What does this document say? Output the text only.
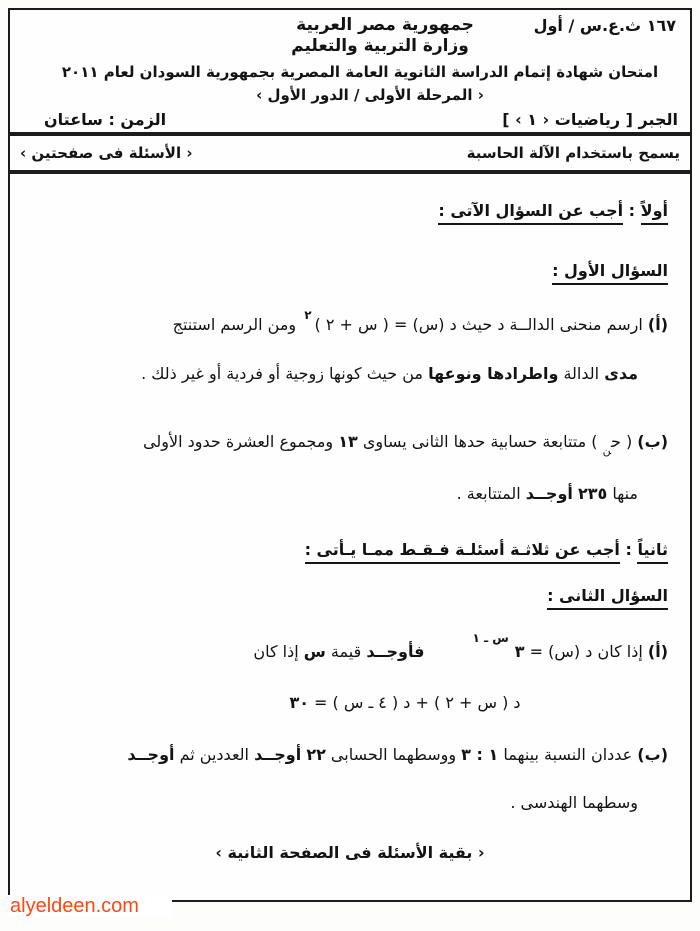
جمهورية مصر العربية	١٦٧ ث.ع.س / أول
وزارة التربية والتعليم
امتحان شهادة إتمام الدراسة الثانوية العامة المصرية بجمهورية السودان لعام ٢٠١١
‹ المرحلة الأولى / الدور الأول ›
الجبر [ رياضيات ‹ ١ › ]
الزمن : ساعتان
يسمح باستخدام الآلة الحاسبة
‹ الأسئلة فى صفحتين ›

أولاً : أجب عن السؤال الآتى :

السؤال الأول :

(أ) ارسم منحنى الدالــة د حيث د (س) = ( س + ٢ )$^٢$ ومن الرسم استنتج

مدى الدالة واطرادها ونوعها من حيث كونها زوجية أو فردية أو غير ذلك .

(ب) ( ح$_ن$ ) متتابعة حسابية حدها الثانى يساوى ١٣ ومجموع العشرة حدود الأولى

منها ٢٣٥ أوجــد المتتابعة .

ثانياً : أجب عن ثلاثـة أسئلـة فـقـط ممـا يـأتى :

السؤال الثانى :

(أ) إذا كان د (س) = $٣^{س ـ ١}فأوجــد$ قيمة س إذا كان

د ( س + ٢ ) + د ( ٤ ـ س ) = ٣٠

(ب) عددان النسبة بينهما ١ : ٣ ووسطهما الحسابى ٢٢ أوجــد العددين ثم أوجــد

وسطهما الهندسى .

‹ بقية الأسئلة فى الصفحة الثانية ›

alyeldeen.com
